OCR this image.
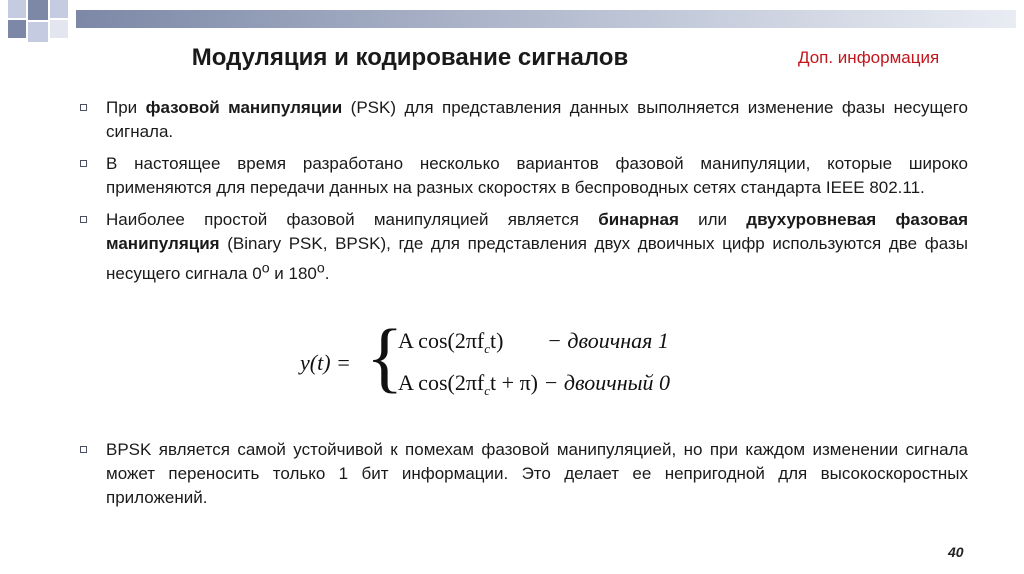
Модуляция и кодирование сигналов	Доп. информация
При фазовой манипуляции (PSK) для представления данных выполняется изменение фазы несущего сигнала.
В настоящее время разработано несколько вариантов фазовой манипуляции, которые широко применяются для передачи данных на разных скоростях в беспроводных сетях стандарта IEEE 802.11.
Наиболее простой фазовой манипуляцией является бинарная или двухуровневая фазовая манипуляция (Binary PSK, BPSK), где для представления двух двоичных цифр используются две фазы несущего сигнала $0^о$ и $180^о$.
y(t) = {
A $\cos(2\pi f_ct)$ − двоичная 1
A $\cos(2\pi f_ct + \pi)$ − двоичный 0
BPSK является самой устойчивой к помехам фазовой манипуляцией, но при каждом изменении сигнала может переносить только 1 бит информации. Это делает ее непригодной для высокоскоростных приложений.
40
